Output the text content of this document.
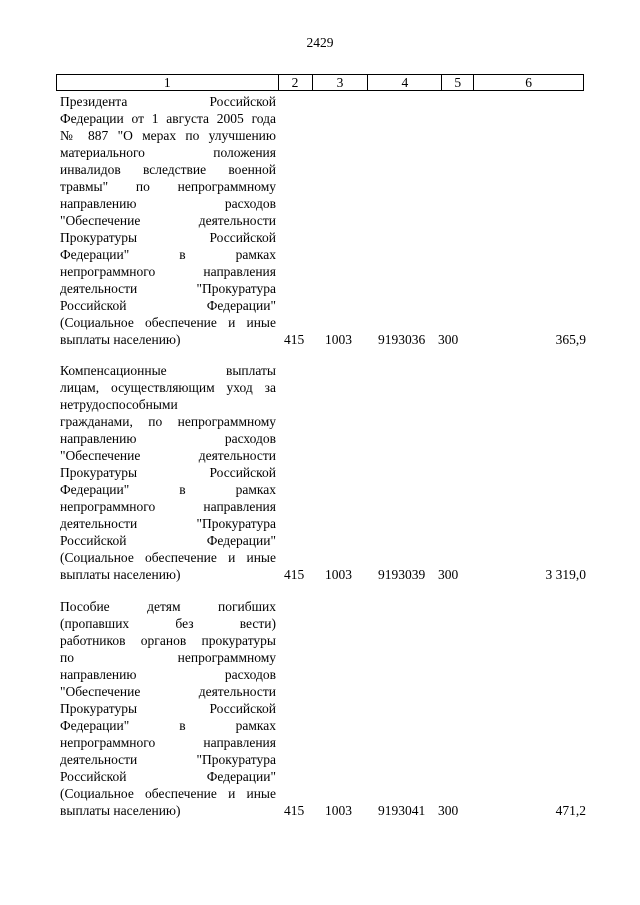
2429
1	2	3	4	5	6
Президента Российской
Федерации от 1 августа 2005 года
№ 887 "О мерах по улучшению
материального положения
инвалидов вследствие военной
травмы" по непрограммному
направлению расходов
"Обеспечение деятельности
Прокуратуры Российской
Федерации" в рамках
непрограммного направления
деятельности "Прокуратура
Российской Федерации"
(Социальное обеспечение и иные
выплаты населению)	415 1003 9193036 300	365,9
Компенсационные выплаты
лицам, осуществляющим уход за
нетрудоспособными
гражданами, по непрограммному
направлению расходов
"Обеспечение деятельности
Прокуратуры Российской
Федерации" в рамках
непрограммного направления
деятельности "Прокуратура
Российской Федерации"
(Социальное обеспечение и иные
выплаты населению)	415 1003 9193039 300	3 319,0
Пособие детям погибших
(пропавших без вести)
работников органов прокуратуры
по непрограммному
направлению расходов
"Обеспечение деятельности
Прокуратуры Российской
Федерации" в рамках
непрограммного направления
деятельности "Прокуратура
Российской Федерации"
(Социальное обеспечение и иные
выплаты населению)	415 1003 9193041 300	471,2
